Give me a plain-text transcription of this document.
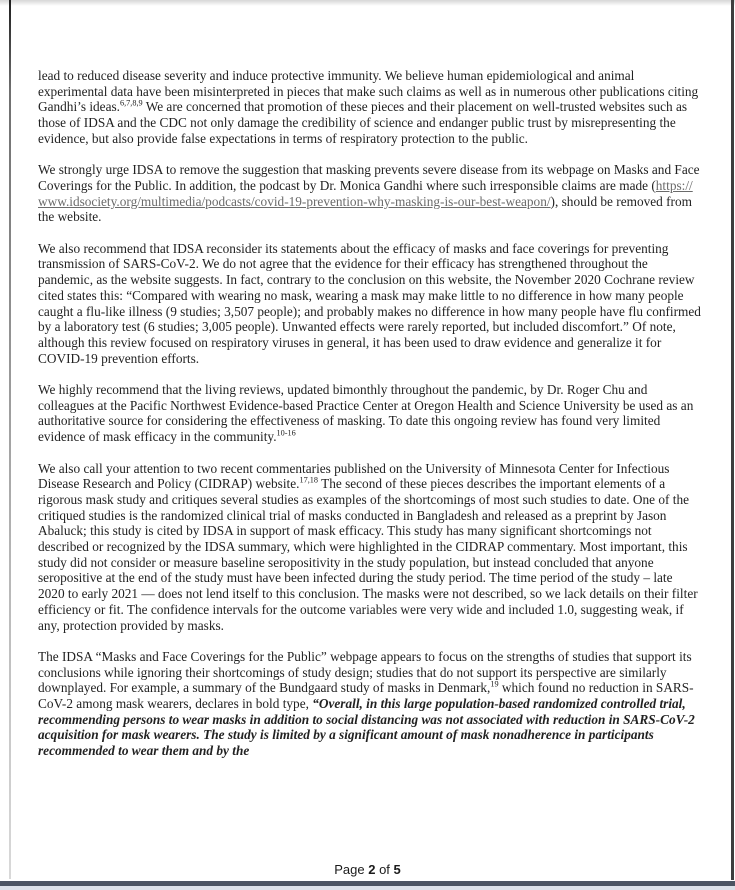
lead to reduced disease severity and induce protective immunity. We believe human epidemiological and animal experimental data have been misinterpreted in pieces that make such claims as well as in numerous other publications citing Gandhi’s ideas.$^{6,7,8,9}$ We are concerned that promotion of these pieces and their placement on well-trusted websites such as those of IDSA and the CDC not only damage the credibility of science and endanger public trust by misrepresenting the evidence, but also provide false expectations in terms of respiratory protection to the public.

We strongly urge IDSA to remove the suggestion that masking prevents severe disease from its webpage on Masks and Face Coverings for the Public. In addition, the podcast by Dr. Monica Gandhi where such irresponsible claims are made (https://www.idsociety.org/multimedia/podcasts/covid-19-prevention-why-masking-is-our-best-weapon/), should be removed from the website.

We also recommend that IDSA reconsider its statements about the efficacy of masks and face coverings for preventing transmission of SARS-CoV-2. We do not agree that the evidence for their efficacy has strengthened throughout the pandemic, as the website suggests. In fact, contrary to the conclusion on this website, the November 2020 Cochrane review cited states this: “Compared with wearing no mask, wearing a mask may make little to no difference in how many people caught a flu-like illness (9 studies; 3,507 people); and probably makes no difference in how many people have flu confirmed by a laboratory test (6 studies; 3,005 people). Unwanted effects were rarely reported, but included discomfort.” Of note, although this review focused on respiratory viruses in general, it has been used to draw evidence and generalize it for COVID-19 prevention efforts.

We highly recommend that the living reviews, updated bimonthly throughout the pandemic, by Dr. Roger Chu and colleagues at the Pacific Northwest Evidence-based Practice Center at Oregon Health and Science University be used as an authoritative source for considering the effectiveness of masking. To date this ongoing review has found very limited evidence of mask efficacy in the community.$^{10-16}$

We also call your attention to two recent commentaries published on the University of Minnesota Center for Infectious Disease Research and Policy (CIDRAP) website.$^{17,18}$ The second of these pieces describes the important elements of a rigorous mask study and critiques several studies as examples of the shortcomings of most such studies to date. One of the critiqued studies is the randomized clinical trial of masks conducted in Bangladesh and released as a preprint by Jason Abaluck; this study is cited by IDSA in support of mask efficacy. This study has many significant shortcomings not described or recognized by the IDSA summary, which were highlighted in the CIDRAP commentary. Most important, this study did not consider or measure baseline seropositivity in the study population, but instead concluded that anyone seropositive at the end of the study must have been infected during the study period. The time period of the study – late 2020 to early 2021 — does not lend itself to this conclusion. The masks were not described, so we lack details on their filter efficiency or fit. The confidence intervals for the outcome variables were very wide and included 1.0, suggesting weak, if any, protection provided by masks.

The IDSA “Masks and Face Coverings for the Public” webpage appears to focus on the strengths of studies that support its conclusions while ignoring their shortcomings of study design; studies that do not support its perspective are similarly downplayed. For example, a summary of the Bundgaard study of masks in Denmark,$^{19}$ which found no reduction in SARS-CoV-2 among mask wearers, declares in bold type, “Overall, in this large population-based randomized controlled trial, recommending persons to wear masks in addition to social distancing was not associated with reduction in SARS-CoV-2 acquisition for mask wearers. The study is limited by a significant amount of mask nonadherence in participants recommended to wear them and by the

Page 2 of 5
